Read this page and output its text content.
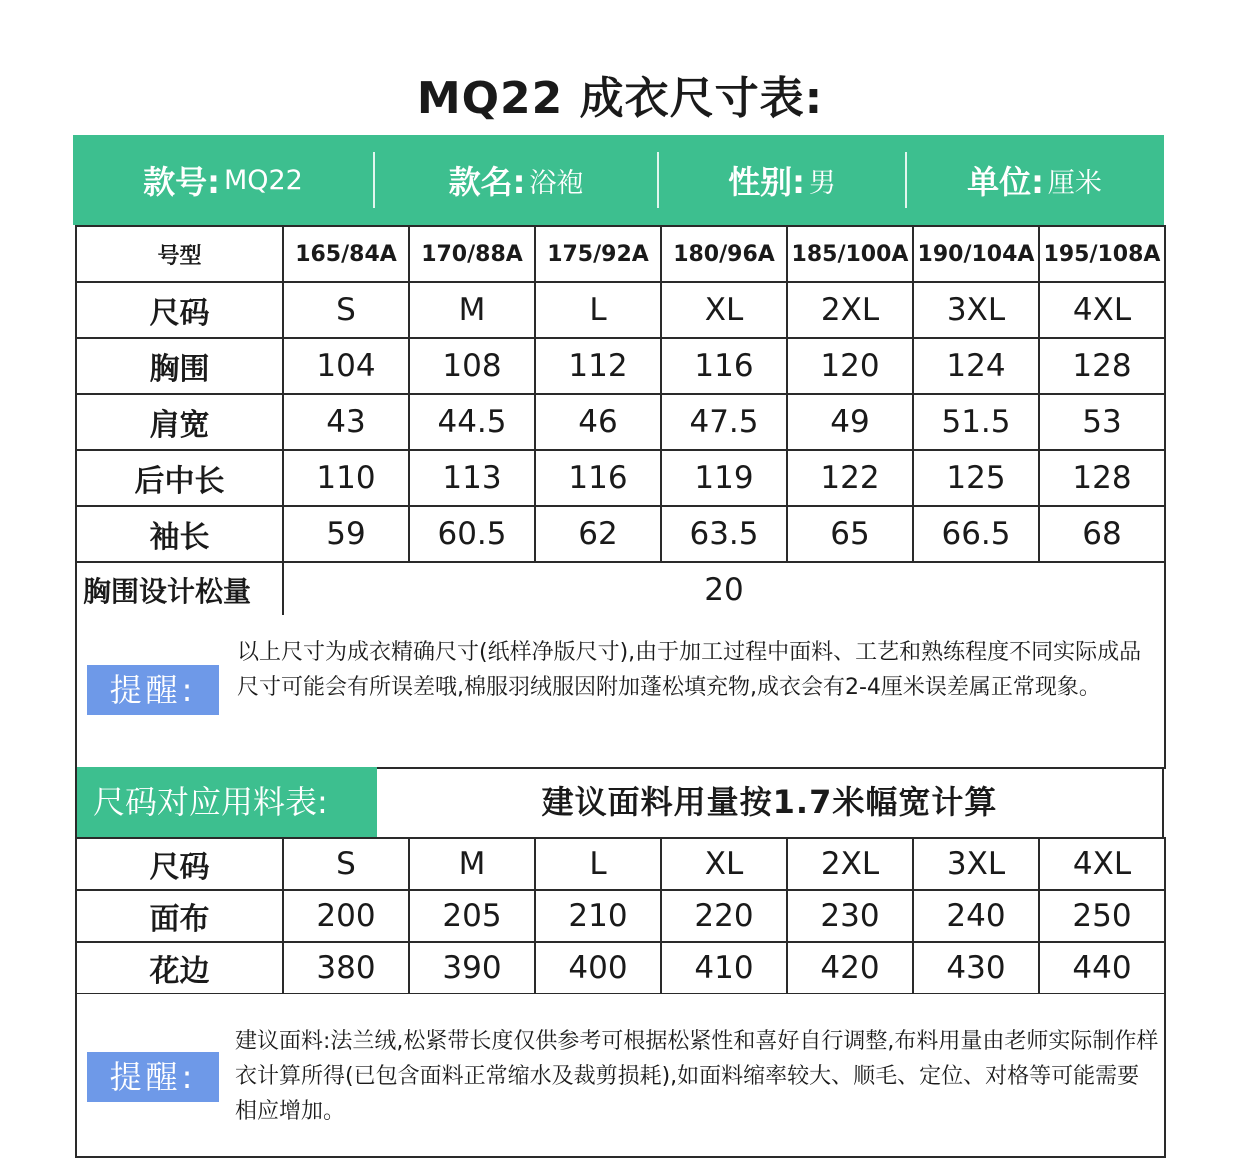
MQ22 成衣尺寸表:
款号: MQ22	款名: 浴袍	性别: 男	单位: 厘米
号型	165/84A	170/88A	175/92A	180/96A	185/100A	190/104A	195/108A
尺码	S	M	L	XL	2XL	3XL	4XL
胸围	104	108	112	116	120	124	128
肩宽	43	44.5	46	47.5	49	51.5	53
后中长	110	113	116	119	122	125	128
袖长	59	60.5	62	63.5	65	66.5	68
胸围设计松量	20						
提醒:
以上尺寸为成衣精确尺寸(纸样净版尺寸),由于加工过程中面料、工艺和熟练程度不同实际成品尺寸可能会有所误差哦,棉服羽绒服因附加蓬松填充物,成衣会有2-4厘米误差属正常现象。
尺码对应用料表:	建议面料用量按1.7米幅宽计算
尺码	S	M	L	XL	2XL	3XL	4XL
面布	200	205	210	220	230	240	250
花边	380	390	400	410	420	430	440
提醒:
建议面料:法兰绒,松紧带长度仅供参考可根据松紧性和喜好自行调整,布料用量由老师实际制作样衣计算所得(已包含面料正常缩水及裁剪损耗),如面料缩率较大、顺毛、定位、对格等可能需要相应增加。
